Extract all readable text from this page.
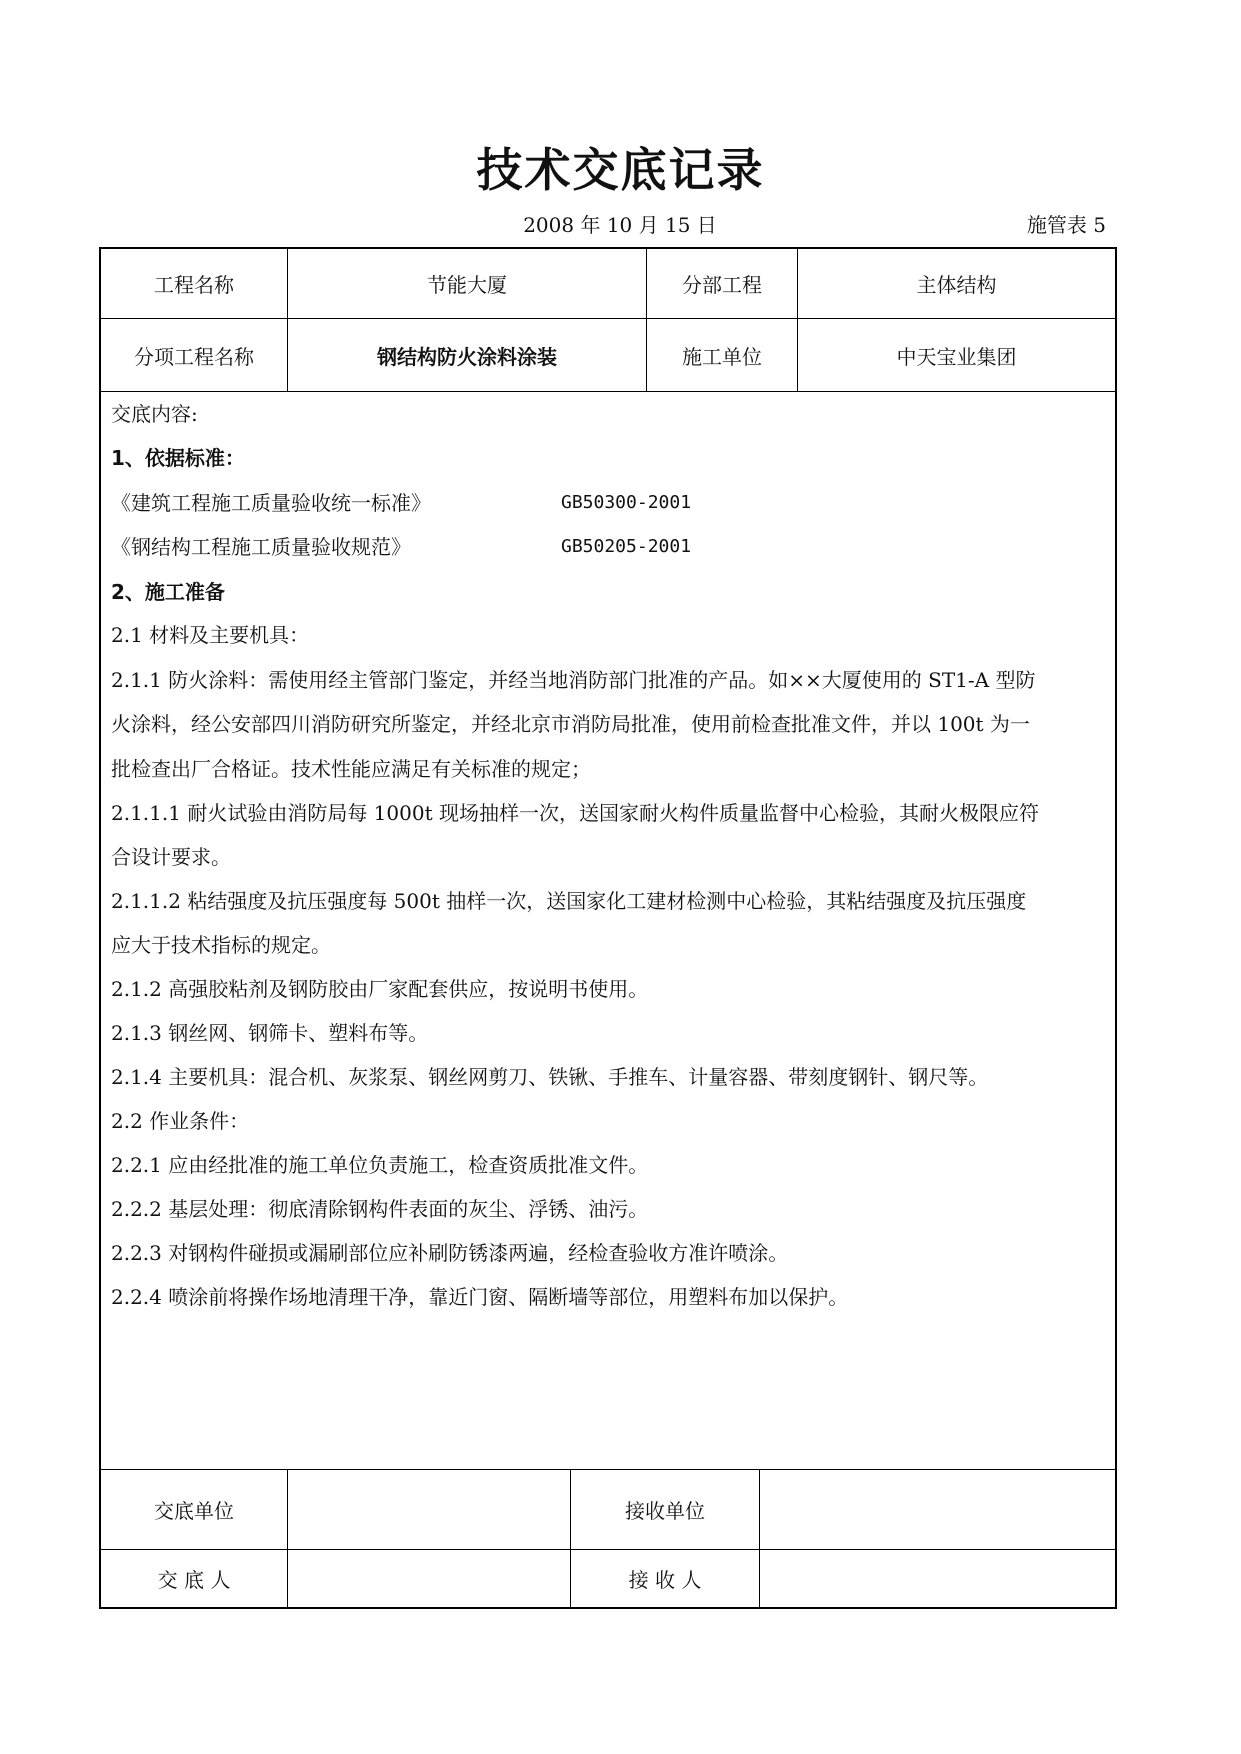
技术交底记录
2008 年 10 月 15 日	施管表 5
工程名称	节能大厦	分部工程	主体结构
分项工程名称	钢结构防火涂料涂装	施工单位	中天宝业集团
交底内容:
1、依据标准：
《建筑工程施工质量验收统一标准》	GB50300-2001
《钢结构工程施工质量验收规范》	GB50205-2001
2、施工准备
2.1 材料及主要机具：
2.1.1 防火涂料：需使用经主管部门鉴定，并经当地消防部门批准的产品。如××大厦使用的 ST1-A 型防
火涂料，经公安部四川消防研究所鉴定，并经北京市消防局批准，使用前检查批准文件，并以 100t 为一
批检查出厂合格证。技术性能应满足有关标准的规定；
2.1.1.1 耐火试验由消防局每 1000t 现场抽样一次，送国家耐火构件质量监督中心检验，其耐火极限应符
合设计要求。
2.1.1.2 粘结强度及抗压强度每 500t 抽样一次，送国家化工建材检测中心检验，其粘结强度及抗压强度
应大于技术指标的规定。
2.1.2 高强胶粘剂及钢防胶由厂家配套供应，按说明书使用。
2.1.3 钢丝网、钢筛卡、塑料布等。
2.1.4 主要机具：混合机、灰浆泵、钢丝网剪刀、铁锹、手推车、计量容器、带刻度钢针、钢尺等。
2.2 作业条件：
2.2.1 应由经批准的施工单位负责施工，检查资质批准文件。
2.2.2 基层处理：彻底清除钢构件表面的灰尘、浮锈、油污。
2.2.3 对钢构件碰损或漏刷部位应补刷防锈漆两遍，经检查验收方准许喷涂。
2.2.4 喷涂前将操作场地清理干净，靠近门窗、隔断墙等部位，用塑料布加以保护。
交底单位	接收单位
交 底 人	接 收 人
